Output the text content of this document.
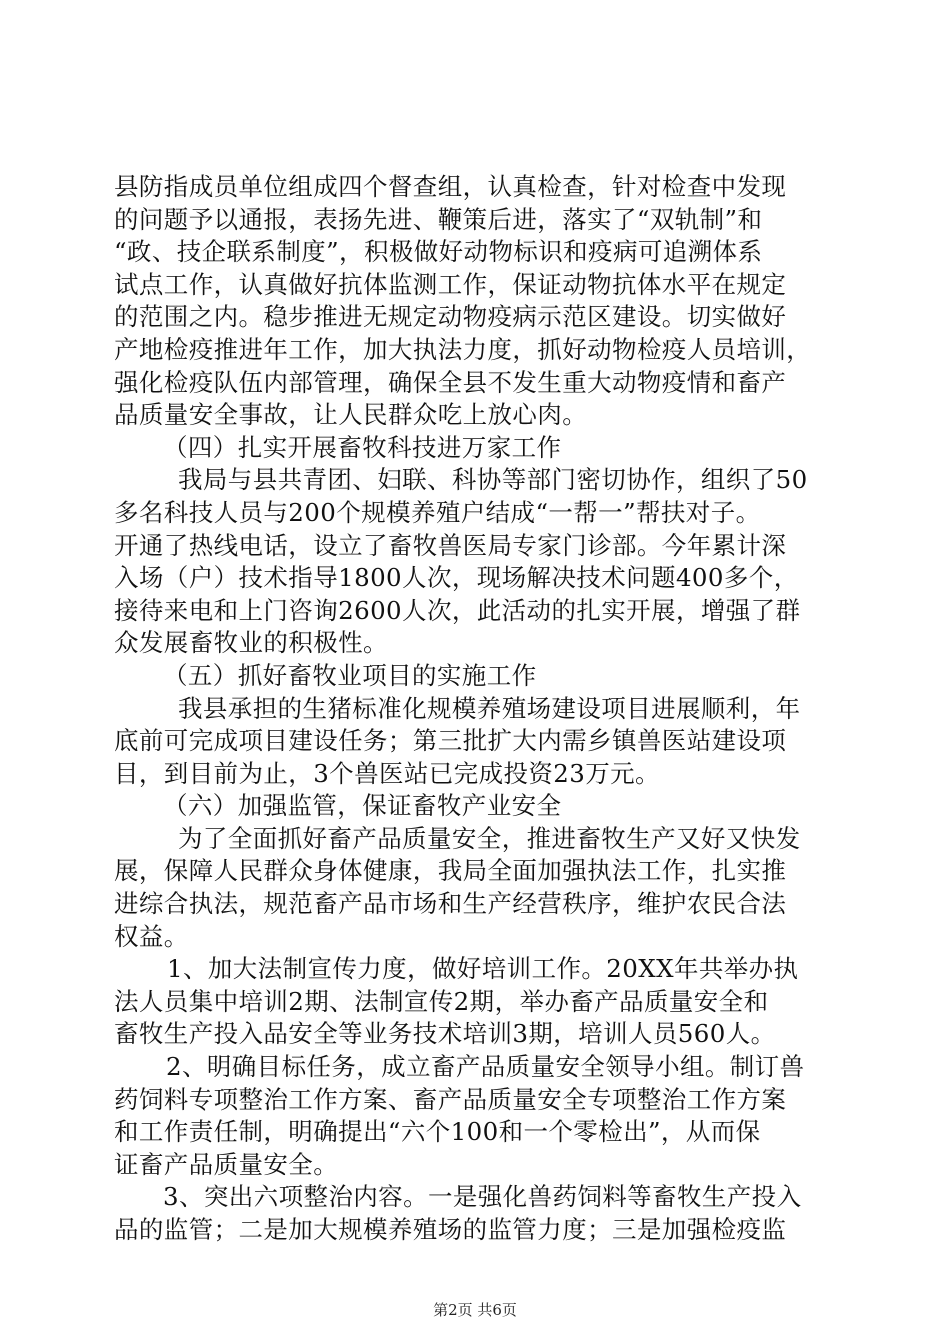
县防指成员单位组成四个督查组，认真检查，针对检查中发现
的问题予以通报，表扬先进、鞭策后进，落实了“双轨制”和
“政、技企联系制度”，积极做好动物标识和疫病可追溯体系
试点工作，认真做好抗体监测工作，保证动物抗体水平在规定
的范围之内。稳步推进无规定动物疫病示范区建设。切实做好
产地检疫推进年工作，加大执法力度，抓好动物检疫人员培训，
强化检疫队伍内部管理，确保全县不发生重大动物疫情和畜产
品质量安全事故，让人民群众吃上放心肉。
（四）扎实开展畜牧科技进万家工作
我局与县共青团、妇联、科协等部门密切协作，组织了50
多名科技人员与200个规模养殖户结成“一帮一”帮扶对子。
开通了热线电话，设立了畜牧兽医局专家门诊部。今年累计深
入场（户）技术指导1800人次，现场解决技术问题400多个，
接待来电和上门咨询2600人次，此活动的扎实开展，增强了群
众发展畜牧业的积极性。
（五）抓好畜牧业项目的实施工作
我县承担的生猪标准化规模养殖场建设项目进展顺利，年
底前可完成项目建设任务；第三批扩大内需乡镇兽医站建设项
目，到目前为止，3个兽医站已完成投资23万元。
（六）加强监管，保证畜牧产业安全
为了全面抓好畜产品质量安全，推进畜牧生产又好又快发
展，保障人民群众身体健康，我局全面加强执法工作，扎实推
进综合执法，规范畜产品市场和生产经营秩序，维护农民合法
权益。
1、加大法制宣传力度，做好培训工作。20XX年共举办执
法人员集中培训2期、法制宣传2期，举办畜产品质量安全和
畜牧生产投入品安全等业务技术培训3期，培训人员560人。
2、明确目标任务，成立畜产品质量安全领导小组。制订兽
药饲料专项整治工作方案、畜产品质量安全专项整治工作方案
和工作责任制，明确提出“六个100和一个零检出”，从而保
证畜产品质量安全。
3、突出六项整治内容。一是强化兽药饲料等畜牧生产投入
品的监管；二是加大规模养殖场的监管力度；三是加强检疫监
第2页 共6页
